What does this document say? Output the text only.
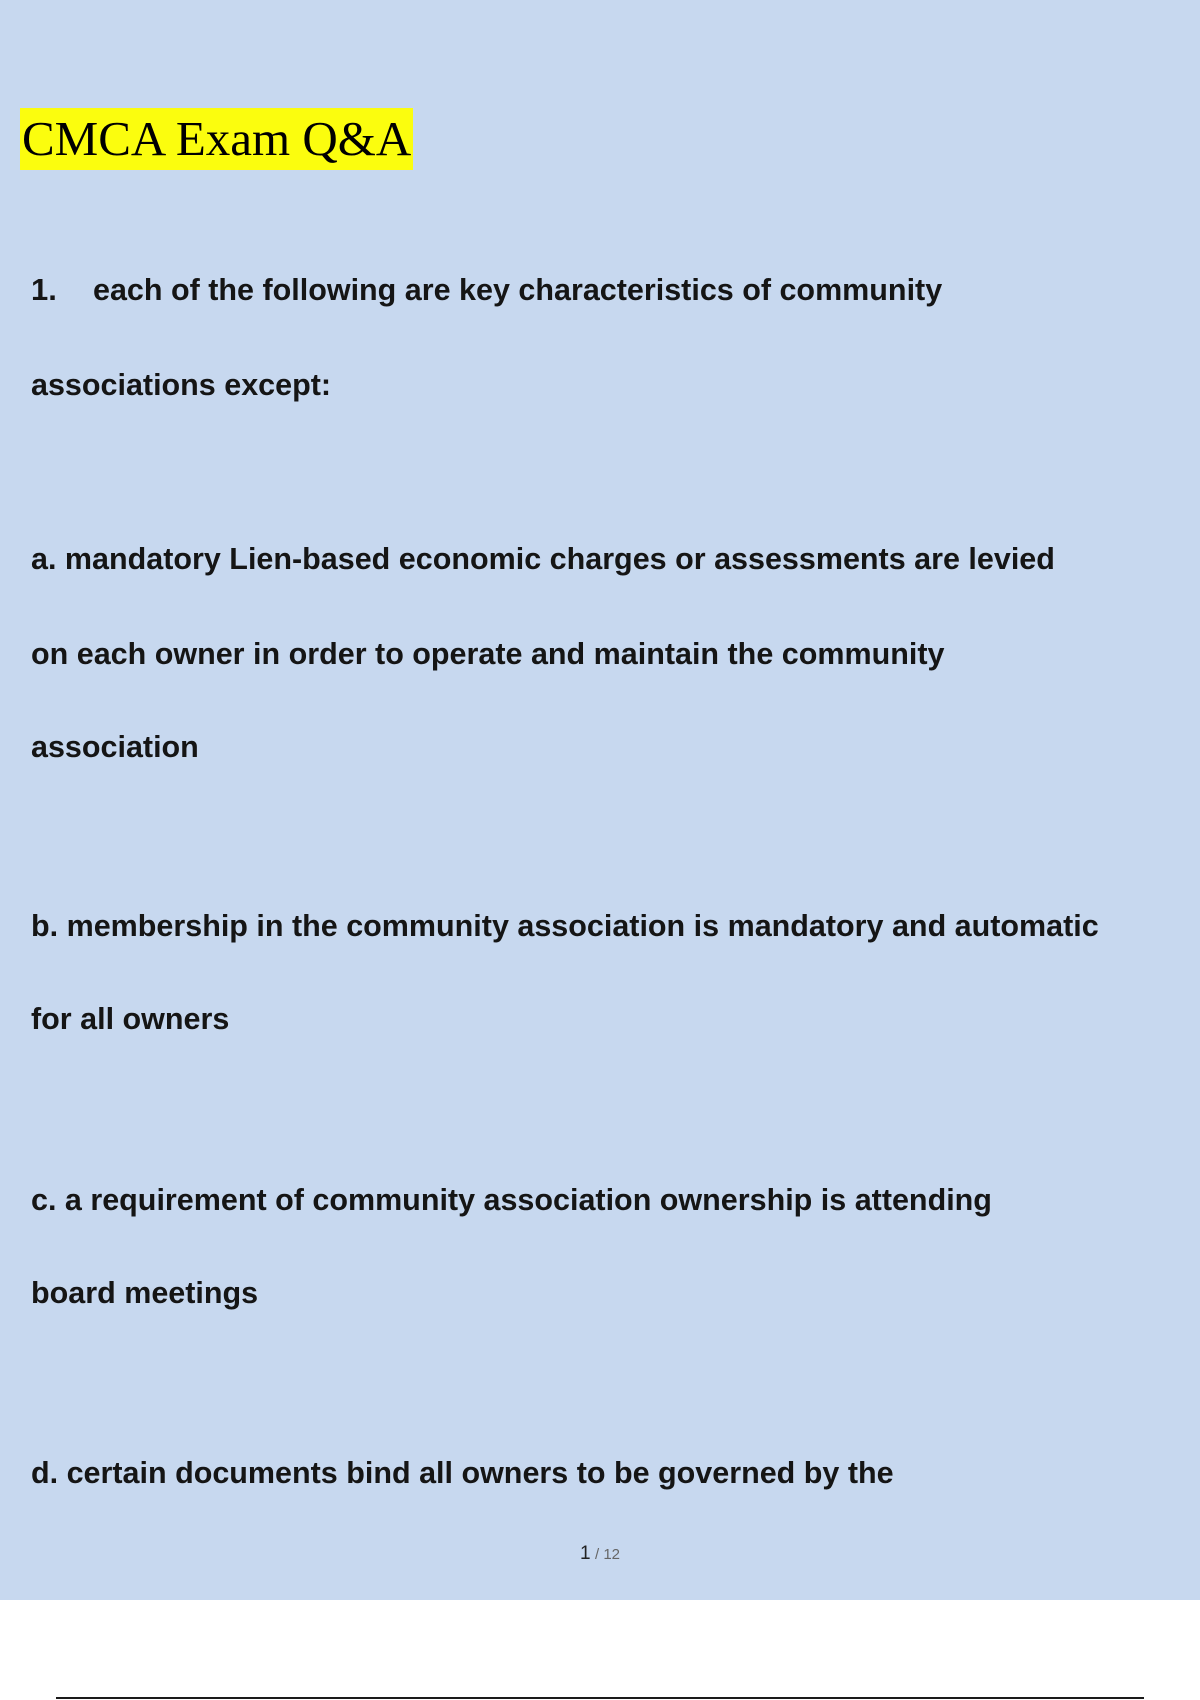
CMCA Exam Q&A
1. each of the following are key characteristics of community
associations except:
a. mandatory Lien-based economic charges or assessments are levied
on each owner in order to operate and maintain the community
association
b. membership in the community association is mandatory and automatic
for all owners
c. a requirement of community association ownership is attending
board meetings
d. certain documents bind all owners to be governed by the
1 / 12
